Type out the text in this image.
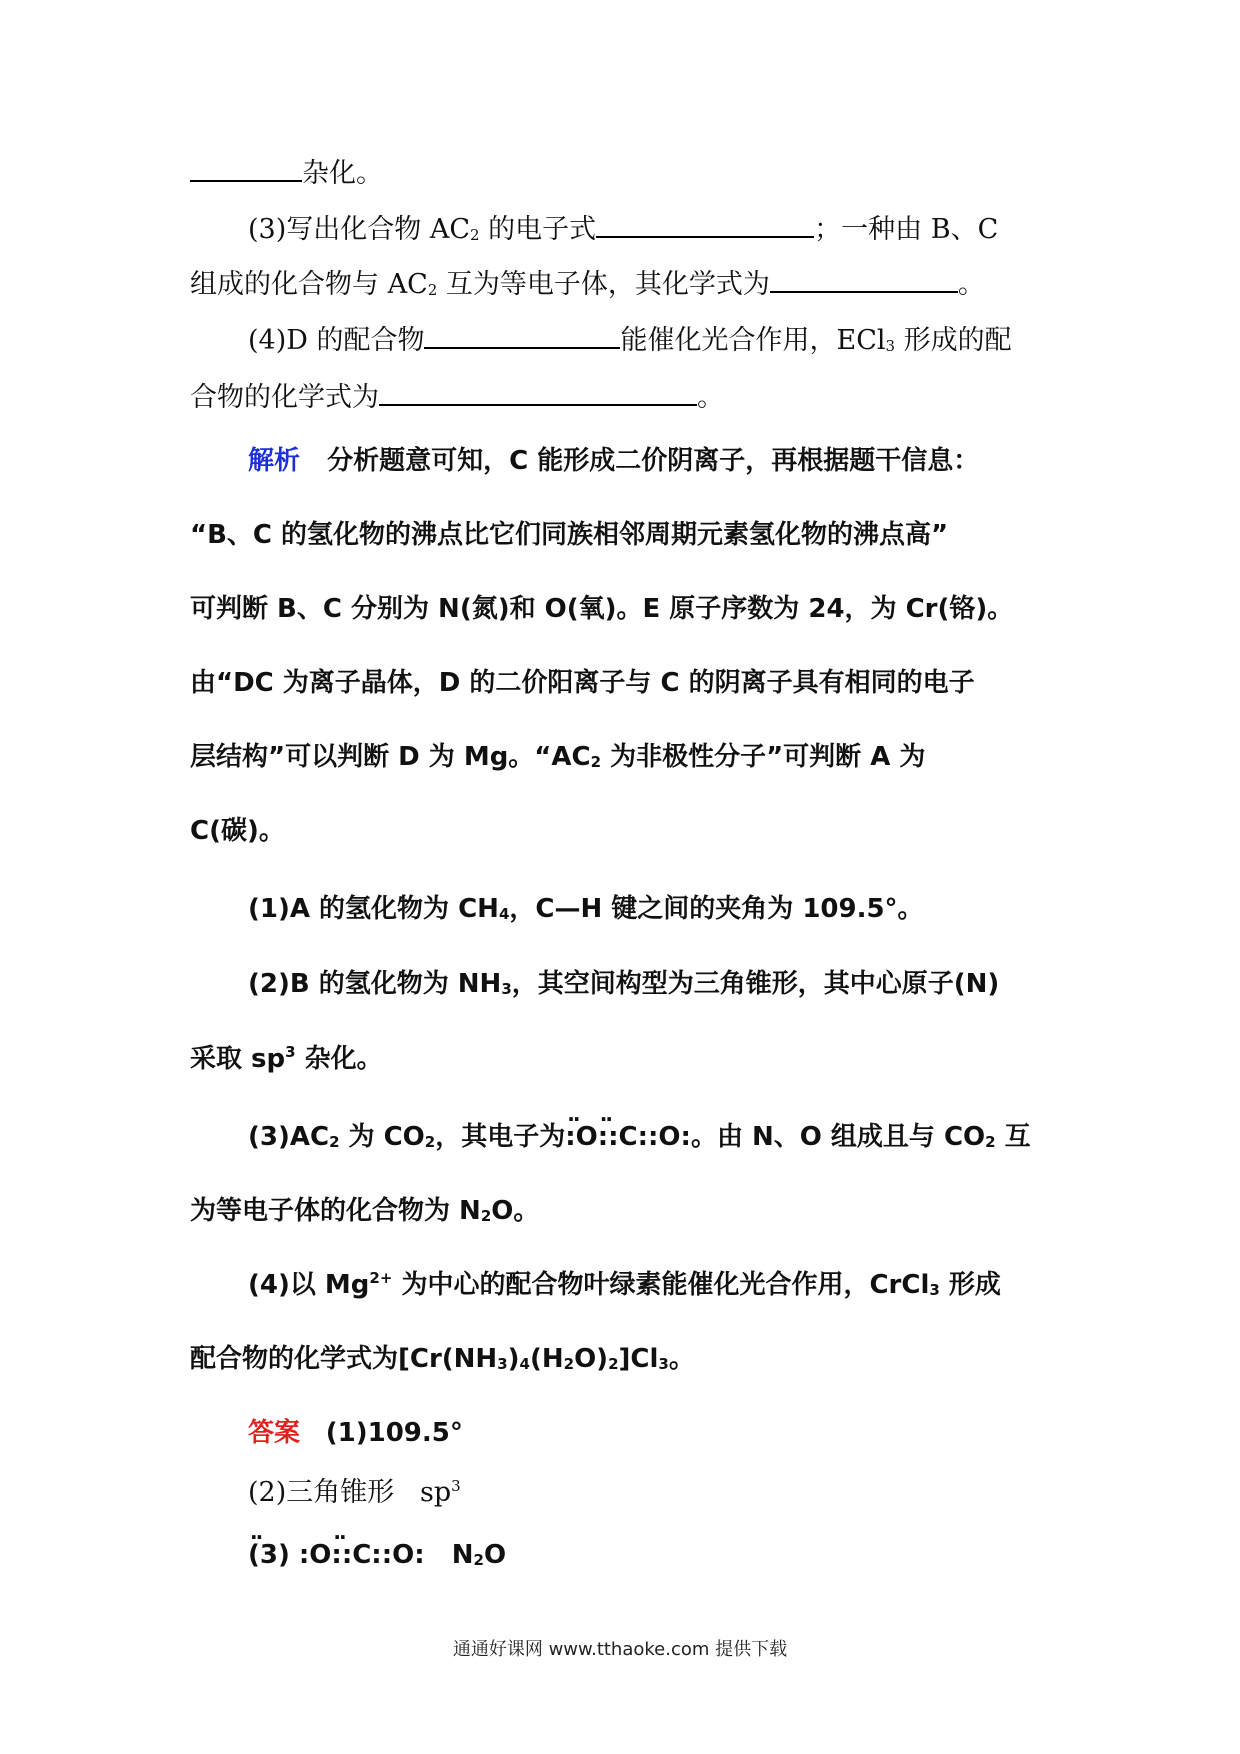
杂化。
(3)写出化合物 $AC_2$ 的电子式	；一种由 B、C
组成的化合物与 $AC_2$ 互为等电子体，其化学式为	。
(4)D 的配合物	能催化光合作用，ECl$_3$ 形成的配
合物的化学式为	。
解析 分析题意可知，C 能形成二价阴离子，再根据题干信息：
“B、C 的氢化物的沸点比它们同族相邻周期元素氢化物的沸点高”
可判断 B、C 分别为 N(氮)和 O(氧)。E 原子序数为 24，为 Cr(铬)。
由“DC 为离子晶体，D 的二价阳离子与 C 的阴离子具有相同的电子
层结构”可以判断 D 为 Mg。“$AC_2$ 为非极性分子”可判断 A 为
C(碳)。
(1)A 的氢化物为 $CH_4$，C—H 键之间的夹角为 109.5°。
(2)B 的氢化物为 $NH_3$，其空间构型为三角锥形，其中心原子(N)
采取 $sp^3$ 杂化。
$(3)AC_2$ 为 $CO_2$，其电子为·· :O·· ::C::O:。由 N、O 组成且与 $CO_2$ 互
为等电子体的化合物为 $N_2O$。
(4)以 $Mg^{2+}$ 为中心的配合物叶绿素能催化光合作用，CrCl$_3$ 形成
配合物的化学式为$[Cr(NH_3)_4(H_2O)_2]Cl_3$。
答案 (1)109.5°
(2)三角锥形 $sp^3$
·· (3) :O·· ::C::O: $N_2O$
通通好课网 www.tthaoke.com 提供下载
